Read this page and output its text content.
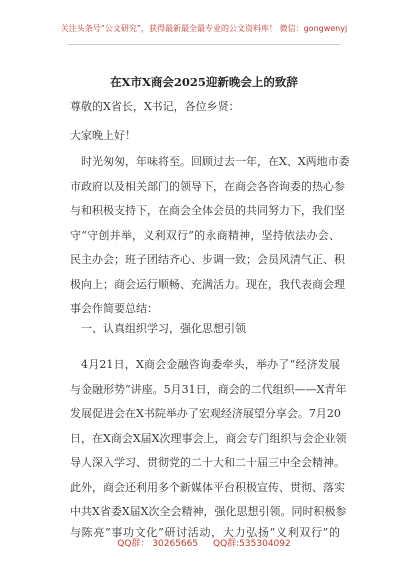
关注头条号“公文研究”，获得最新最全最专业的公文资料库！ 微信：gongwenyj
在X市X商会2025迎新晚会上的致辞
尊敬的X省长，X书记，各位乡贤：
大家晚上好！
时光匆匆，年味将至。回顾过去一年，在X、X两地市委
市政府以及相关部门的领导下，在商会各咨询委的热心参
与和积极支持下，在商会全体会员的共同努力下，我们坚
守“守创并举，义利双行”的永商精神，坚持依法办会、
民主办会；班子团结齐心、步调一致；会员风清气正、积
极向上；商会运行顺畅、充满活力。现在，我代表商会理
事会作简要总结：
一、认真组织学习，强化思想引领
4月21日，X商会金融咨询委牵头，举办了“经济发展
与金融形势”讲座。5月31日，商会的二代组织——X青年
发展促进会在X书院举办了宏观经济展望分享会。7月20
日，在X商会X届X次理事会上，商会专门组织与会企业领
导人深入学习、贯彻党的二十大和二十届三中全会精神。
此外，商会还利用多个新媒体平台积极宣传、贯彻、落实
中共X省委X届X次全会精神，强化思想引领。同时积极参
与陈亮“事功文化”研讨活动，大力弘扬“义利双行”的
QQ群： 30265665 QQ群:535304092
